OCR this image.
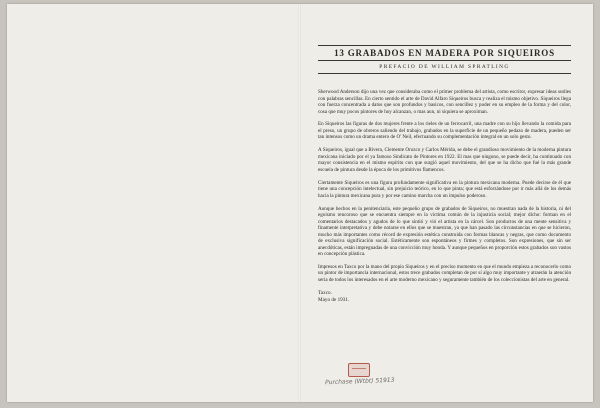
13 GRABADOS EN MADERA POR SIQUEIROS
PREFACIO DE WILLIAM SPRATLING

Sherwood Anderson dijo una vez que consideraba como el primer problema del artista, como escritor, expresar ideas sutiles con palabras sencillas. En cierto sentido el arte de David Alfaro Siqueiros busca y realiza el mismo objetivo. Siqueiros llega con fuerza concentrada a datos que son profundos y basicos, con sencillez y poder en su empleo de la forma y del color, cosa que muy pocos pintores de hoy alcanzan, o mas aun, ni siquiera se aproximan.

En Siqueiros las figuras de dos mujeres frente a los rieles de un ferrocarril, una madre con su hijo llevando la comida para el preso, un grupo de obreros saliendo del trabajo, grabados en la superficie de un pequeño pedazo de madera, pueden ser tan intensos como un drama entero de O' Neil, efectuando su complementación integral en un solo gesto.

A Siqueiros, igual que a Rivera, Clemente Orozco y Carlos Mérida, se debe el grandioso movimiento de la moderna pintura mexicana iniciado por el ya famoso Sindicato de Pintores en 1922. El mas que ninguno, se puede decir, ha continuado con mayor consistencia en el mismo espíritu con que surgió aquel movimiento, del que se ha dicho que fué la más grande escuela de pintura desde la época de los primitivos flamencos.

Ciertamente Siqueiros es una figura profundamente significativa en la pintura mexicana moderna. Puede decirse de él que tiene una concepción intelectual, sin prejuicio teórico, en lo que pinta; que está esforzándose por ir más allá de los demás hacia la pintura mexicana pura y por ese camino marcha con un impulso poderoso.

Aunque hechos en la penitenciaría, este pequeño grupo de grabados de Siqueiros, no muestran nada de la historia, ni del egoísmo rencoroso que se encuentra siempre en la víctima común de la injusticia social; mejor dicho: forman en el comentarios destacados y agudos de lo que sintió y vió el artista en la cárcel. Son productos de una mente sensitiva y finamente interpretativa y debe notarse en ellos que se muestran, ya que han pasado las circunstancias en que se hicieron, mucho más importantes como récord de expresión estética construida con formas blancas y negras, que como documento de exclusiva significación social. Estéticamente son espontáneos y firmes y completos. Son expresiones, que sin ser anecdóticas, están impregnadas de una convicción muy honda. Y aunque pequeños en proporción estos grabados son vastos en concepción plástica.

Impresos en Taxco por la mano del propio Siqueiros y en el preciso momento en que el mundo empieza a reconocerlo como un pintor de importancia internacional, estos trece grabados completan de por sí algo muy importante y atraerán la atención seria de todos los interesados en el arte moderno mexicano y seguramente también de los coleccionistas del arte en general.

Taxco.
Mayo de 1931.
Purchase (Wtbt) 51913
